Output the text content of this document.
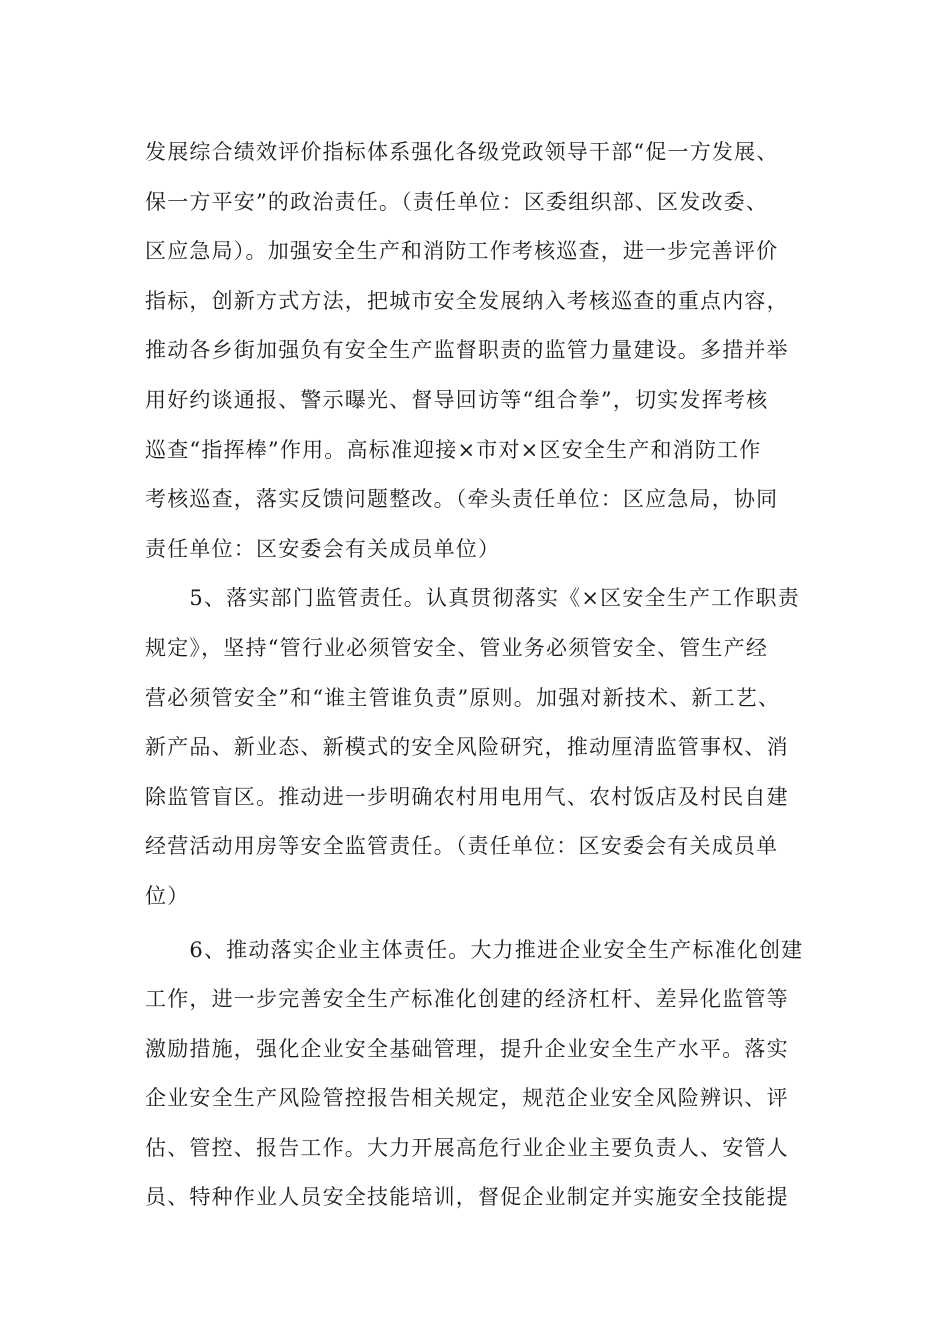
发展综合绩效评价指标体系强化各级党政领导干部“促一方发展、
保一方平安”的政治责任。（责任单位：区委组织部、区发改委、
区应急局）。加强安全生产和消防工作考核巡查，进一步完善评价
指标，创新方式方法，把城市安全发展纳入考核巡查的重点内容，
推动各乡街加强负有安全生产监督职责的监管力量建设。多措并举
用好约谈通报、警示曝光、督导回访等“组合拳”，切实发挥考核
巡查“指挥棒”作用。高标准迎接×市对×区安全生产和消防工作
考核巡查，落实反馈问题整改。（牵头责任单位：区应急局，协同
责任单位：区安委会有关成员单位）
　　5、落实部门监管责任。认真贯彻落实《×区安全生产工作职责
规定》，坚持“管行业必须管安全、管业务必须管安全、管生产经
营必须管安全”和“谁主管谁负责”原则。加强对新技术、新工艺、
新产品、新业态、新模式的安全风险研究，推动厘清监管事权、消
除监管盲区。推动进一步明确农村用电用气、农村饭店及村民自建
经营活动用房等安全监管责任。（责任单位：区安委会有关成员单
位）
　　6、推动落实企业主体责任。大力推进企业安全生产标准化创建
工作，进一步完善安全生产标准化创建的经济杠杆、差异化监管等
激励措施，强化企业安全基础管理，提升企业安全生产水平。落实
企业安全生产风险管控报告相关规定，规范企业安全风险辨识、评
估、管控、报告工作。大力开展高危行业企业主要负责人、安管人
员、特种作业人员安全技能培训，督促企业制定并实施安全技能提
